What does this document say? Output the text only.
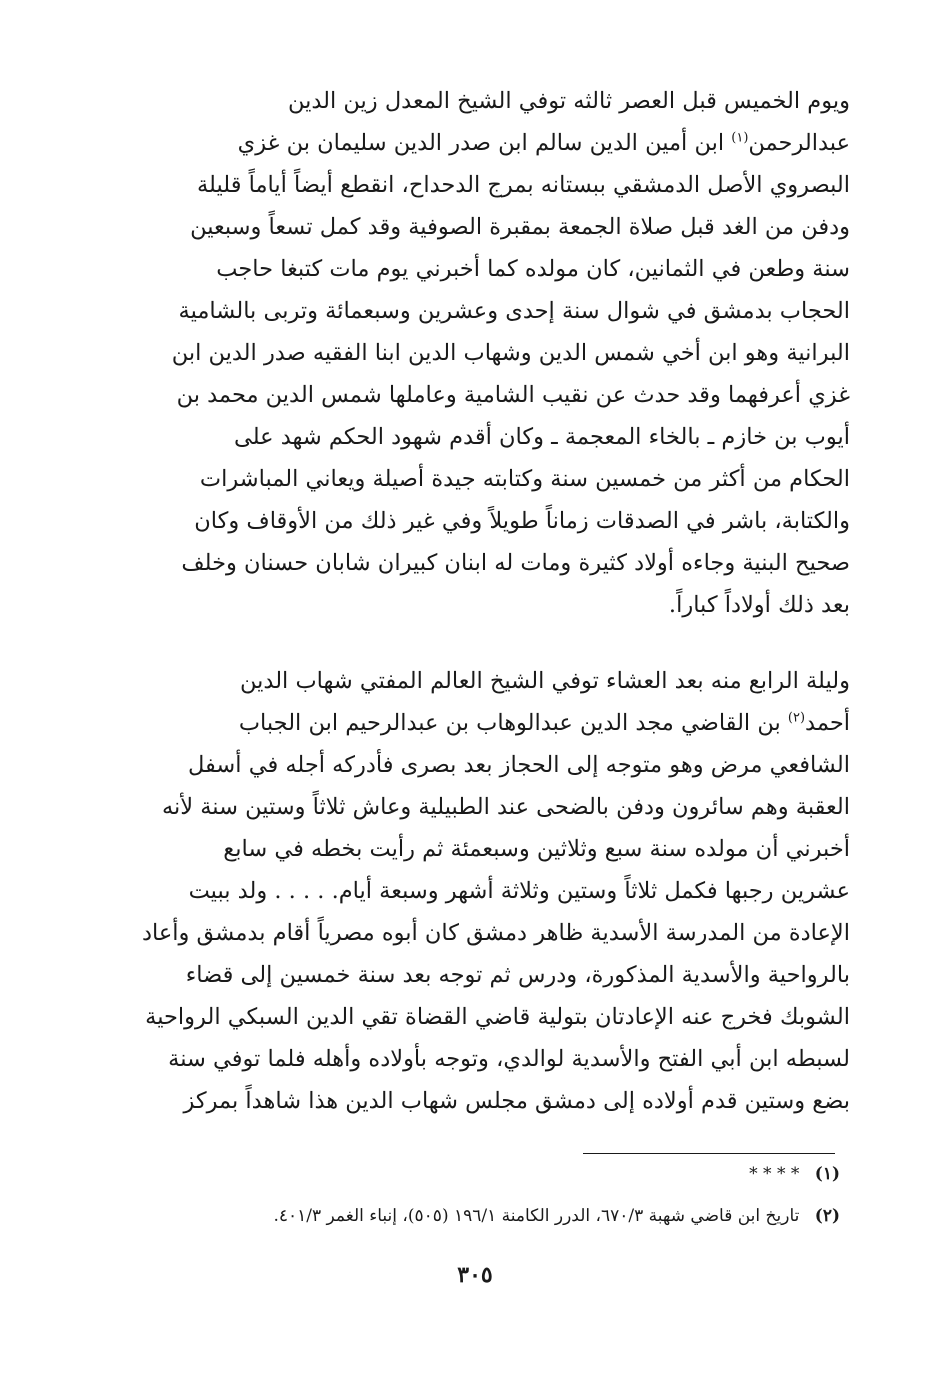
ويوم الخميس قبل العصر ثالثه توفي الشيخ المعدل زين الدين
عبدالرحمن$^{(١)}$ ابن أمين الدين سالم ابن صدر الدين سليمان بن غزي
البصروي الأصل الدمشقي ببستانه بمرج الدحداح، انقطع أيضاً أياماً قليلة
ودفن من الغد قبل صلاة الجمعة بمقبرة الصوفية وقد كمل تسعاً وسبعين
سنة وطعن في الثمانين، كان مولده كما أخبرني يوم مات كتبغا حاجب
الحجاب بدمشق في شوال سنة إحدى وعشرين وسبعمائة وتربى بالشامية
البرانية وهو ابن أخي شمس الدين وشهاب الدين ابنا الفقيه صدر الدين ابن
غزي أعرفهما وقد حدث عن نقيب الشامية وعاملها شمس الدين محمد بن
أيوب بن خازم ـ بالخاء المعجمة ـ وكان أقدم شهود الحكم شهد على
الحكام من أكثر من خمسين سنة وكتابته جيدة أصيلة ويعاني المباشرات
والكتابة، باشر في الصدقات زماناً طويلاً وفي غير ذلك من الأوقاف وكان
صحيح البنية وجاءه أولاد كثيرة ومات له ابنان كبيران شابان حسنان وخلف
بعد ذلك أولاداً كباراً.
وليلة الرابع منه بعد العشاء توفي الشيخ العالم المفتي شهاب الدين
أحمد$^{(٢)}$ بن القاضي مجد الدين عبدالوهاب بن عبدالرحيم ابن الجباب
الشافعي مرض وهو متوجه إلى الحجاز بعد بصرى فأدركه أجله في أسفل
العقبة وهم سائرون ودفن بالضحى عند الطبيلية وعاش ثلاثاً وستين سنة لأنه
أخبرني أن مولده سنة سبع وثلاثين وسبعمئة ثم رأيت بخطه في سابع
عشرين رجبها فكمل ثلاثاً وستين وثلاثة أشهر وسبعة أيام. . . . . ولد ببيت
الإعادة من المدرسة الأسدية ظاهر دمشق كان أبوه مصرياً أقام بدمشق وأعاد
بالرواحية والأسدية المذكورة، ودرس ثم توجه بعد سنة خمسين إلى قضاء
الشوبك فخرج عنه الإعادتان بتولية قاضي القضاة تقي الدين السبكي الرواحية
لسبطه ابن أبي الفتح والأسدية لوالدي، وتوجه بأولاده وأهله فلما توفي سنة
بضع وستين قدم أولاده إلى دمشق مجلس شهاب الدين هذا شاهداً بمركز
(١) * * * *
(٢) تاريخ ابن قاضي شهبة ٦٧٠/٣، الدرر الكامنة ١٩٦/١ (٥٠٥)، إنباء الغمر ٤٠١/٣.
٣٠٥
